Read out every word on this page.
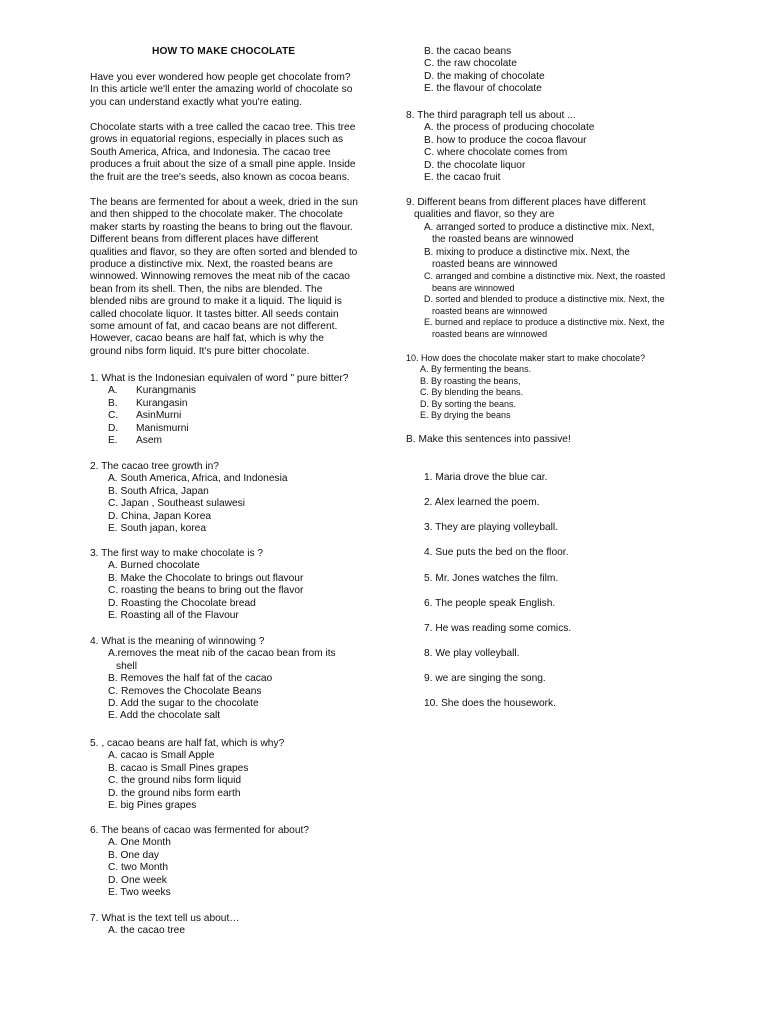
HOW TO MAKE CHOCOLATE
Have you ever wondered how people get chocolate from?
In this article we'll enter the amazing world of chocolate so
you can understand exactly what you're eating.
Chocolate starts with a tree called the cacao tree. This tree
grows in equatorial regions, especially in places such as
South America, Africa, and Indonesia. The cacao tree
produces a fruit about the size of a small pine apple. Inside
the fruit are the tree's seeds, also known as cocoa beans.
The beans are fermented for about a week, dried in the sun
and then shipped to the chocolate maker. The chocolate
maker starts by roasting the beans to bring out the flavour.
Different beans from different places have different
qualities and flavor, so they are often sorted and blended to
produce a distinctive mix. Next, the roasted beans are
winnowed. Winnowing removes the meat nib of the cacao
bean from its shell. Then, the nibs are blended. The
blended nibs are ground to make it a liquid. The liquid is
called chocolate liquor. It tastes bitter. All seeds contain
some amount of fat, and cacao beans are not different.
However, cacao beans are half fat, which is why the
ground nibs form liquid. It's pure bitter chocolate.
1. What is the Indonesian equivalen of word " pure bitter?
A.	Kurangmanis
B.	Kurangasin
C.	AsinMurni
D.	Manismurni
E.	Asem
2. The cacao tree growth in?
A. South America, Africa, and Indonesia
B. South Africa, Japan
C. Japan , Southeast sulawesi
D. China, Japan Korea
E. South japan, korea
3. The first way to make chocolate is ?
A. Burned chocolate
B. Make the Chocolate to brings out flavour
C. roasting the beans to bring out the flavor
D. Roasting the Chocolate bread
E. Roasting all of the Flavour
4. What is the meaning of winnowing ?
A.removes the meat nib of the cacao bean from its
shell
B. Removes the half fat of the cacao
C. Removes the Chocolate Beans
D. Add the sugar to the chocolate
E. Add the chocolate salt
5. , cacao beans are half fat, which is why?
A. cacao is Small Apple
B. cacao is Small Pines grapes
C. the ground nibs form liquid
D. the ground nibs form earth
E. big Pines grapes
6. The beans of cacao was fermented for about?
A. One Month
B. One day
C. two Month
D. One week
E. Two weeks
7. What is the text tell us about…
A. the cacao tree
B. the cacao beans
C. the raw chocolate
D. the making of chocolate
E. the flavour of chocolate
8. The third paragraph tell us about ...
A. the process of producing chocolate
B. how to produce the cocoa flavour
C. where chocolate comes from
D. the chocolate liquor
E. the cacao fruit
9. Different beans from different places have different
qualities and flavor, so they are
A. arranged sorted to produce a distinctive mix. Next,
the roasted beans are winnowed
B. mixing to produce a distinctive mix. Next, the
roasted beans are winnowed
C. arranged and combine a distinctive mix. Next, the roasted
beans are winnowed
D. sorted and blended to produce a distinctive mix. Next, the
roasted beans are winnowed
E. burned and replace to produce a distinctive mix. Next, the
roasted beans are winnowed
10. How does the chocolate maker start to make chocolate?
A. By fermenting the beans.
B. By roasting the beans,
C. By blending the beans.
D. By sorting the beans.
E. By drying the beans
B. Make this sentences into passive!
1. Maria drove the blue car.
2. Alex learned the poem.
3. They are playing volleyball.
4. Sue puts the bed on the floor.
5. Mr. Jones watches the film.
6. The people speak English.
7. He was reading some comics.
8. We play volleyball.
9. we are singing the song.
10. She does the housework.
